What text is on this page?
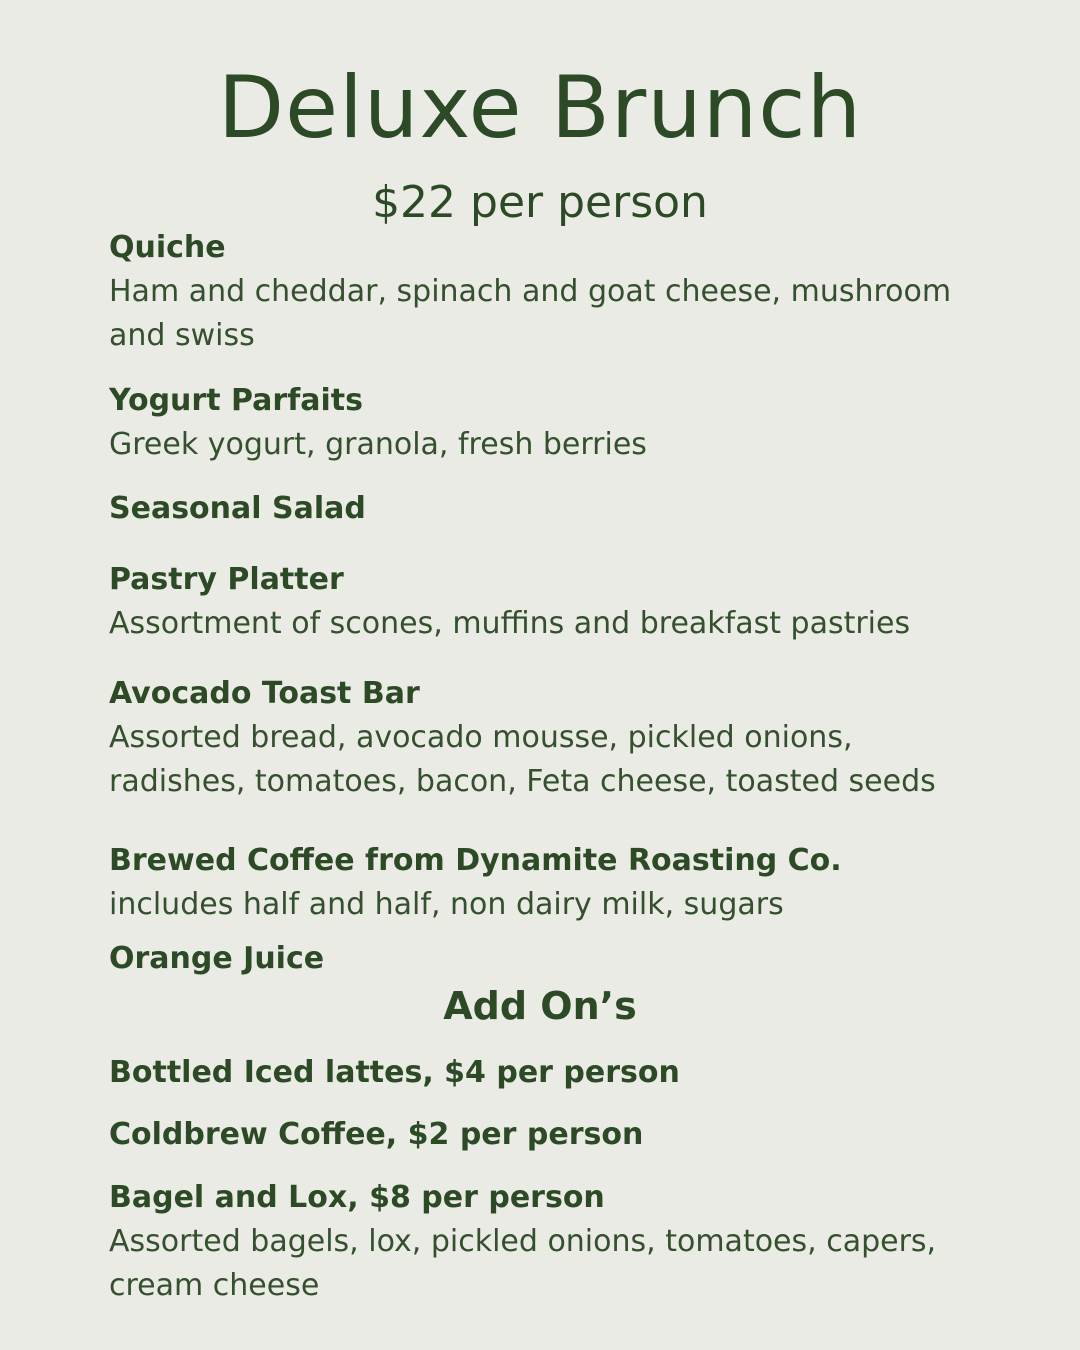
Deluxe Brunch
$22 per person
Quiche
Ham and cheddar, spinach and goat cheese, mushroom and swiss
Yogurt Parfaits
Greek yogurt, granola, fresh berries
Seasonal Salad
Pastry Platter
Assortment of scones, muffins and breakfast pastries
Avocado Toast Bar
Assorted bread, avocado mousse, pickled onions, radishes, tomatoes, bacon, Feta cheese, toasted seeds
Brewed Coffee from Dynamite Roasting Co.
includes half and half, non dairy milk, sugars
Orange Juice
Add On’s
Bottled Iced lattes, $4 per person
Coldbrew Coffee, $2 per person
Bagel and Lox, $8 per person
Assorted bagels, lox, pickled onions, tomatoes, capers, cream cheese
